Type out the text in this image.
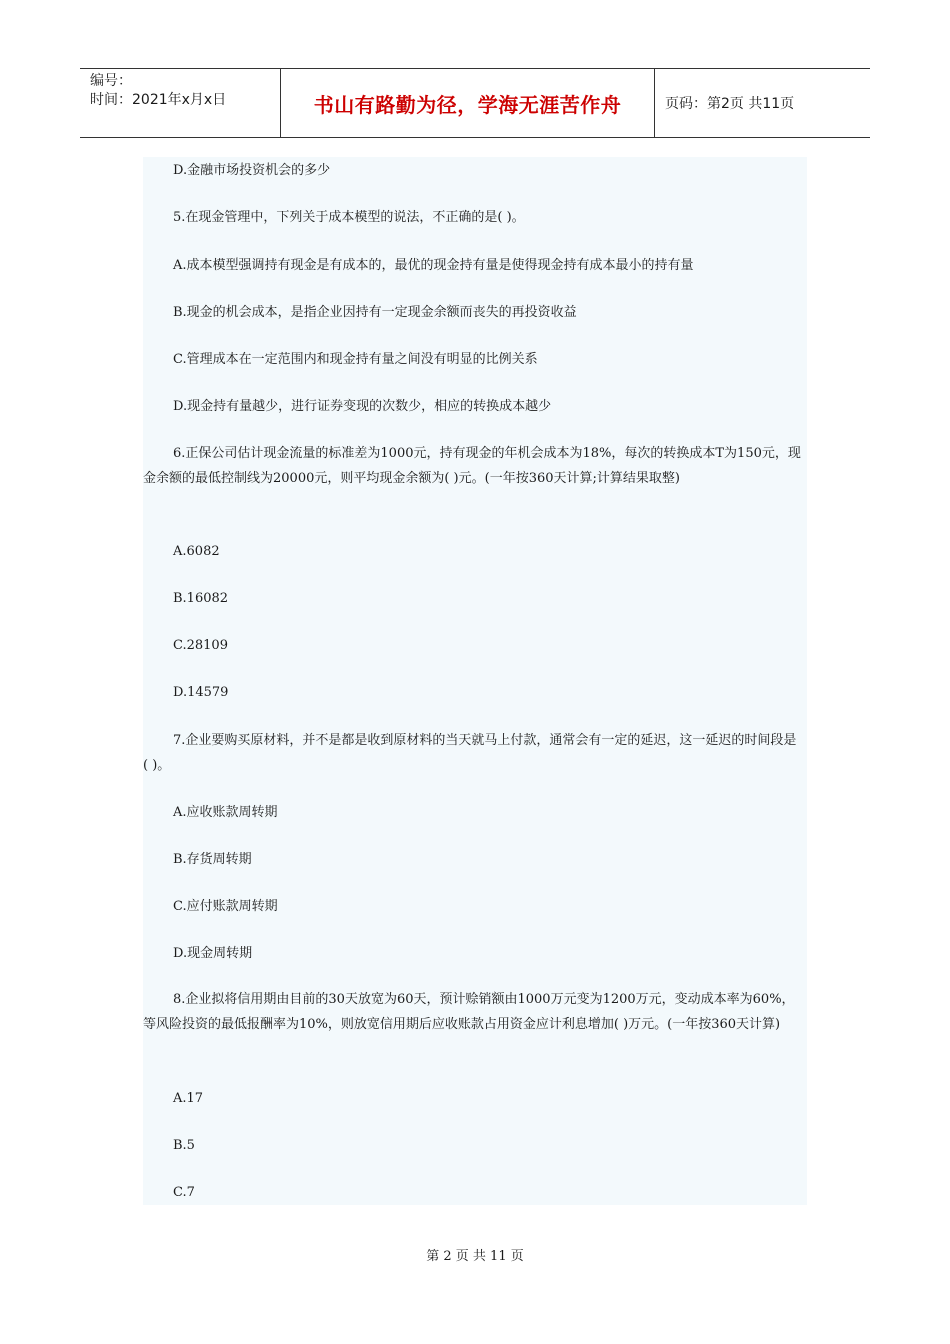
编号：
时间：2021年x月x日	书山有路勤为径，学海无涯苦作舟	页码：第2页 共11页

D.金融市场投资机会的多少

5.在现金管理中，下列关于成本模型的说法，不正确的是( )。

A.成本模型强调持有现金是有成本的，最优的现金持有量是使得现金持有成本最小的持有量

B.现金的机会成本，是指企业因持有一定现金余额而丧失的再投资收益

C.管理成本在一定范围内和现金持有量之间没有明显的比例关系

D.现金持有量越少，进行证券变现的次数少，相应的转换成本越少

6.正保公司估计现金流量的标准差为1000元，持有现金的年机会成本为18%，每次的转换成本T为150元，现金余额的最低控制线为20000元，则平均现金余额为( )元。(一年按360天计算;计算结果取整)

A.6082

B.16082

C.28109

D.14579

7.企业要购买原材料，并不是都是收到原材料的当天就马上付款，通常会有一定的延迟，这一延迟的时间段是( )。

A.应收账款周转期

B.存货周转期

C.应付账款周转期

D.现金周转期

8.企业拟将信用期由目前的30天放宽为60天，预计赊销额由1000万元变为1200万元，变动成本率为60%，等风险投资的最低报酬率为10%，则放宽信用期后应收账款占用资金应计利息增加( )万元。(一年按360天计算)

A.17

B.5

C.7

第 2 页 共 11 页
